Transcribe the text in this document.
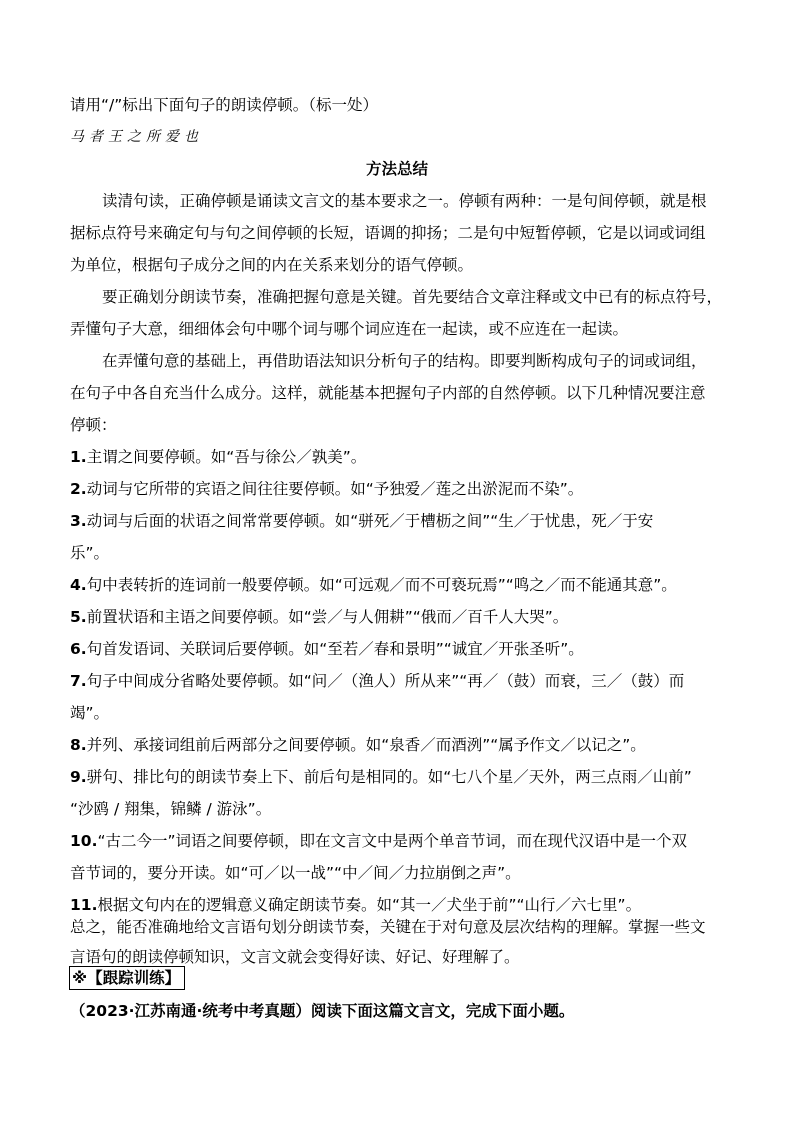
请用“/”标出下面句子的朗读停顿。（标一处）
马者王之所爱也
方法总结
读清句读，正确停顿是诵读文言文的基本要求之一。停顿有两种：一是句间停顿，就是根
据标点符号来确定句与句之间停顿的长短，语调的抑扬；二是句中短暂停顿，它是以词或词组
为单位，根据句子成分之间的内在关系来划分的语气停顿。
要正确划分朗读节奏，准确把握句意是关键。首先要结合文章注释或文中已有的标点符号，
弄懂句子大意，细细体会句中哪个词与哪个词应连在一起读，或不应连在一起读。
在弄懂句意的基础上，再借助语法知识分析句子的结构。即要判断构成句子的词或词组，
在句子中各自充当什么成分。这样，就能基本把握句子内部的自然停顿。以下几种情况要注意
停顿：
1.主谓之间要停顿。如“吾与徐公／孰美”。
2.动词与它所带的宾语之间往往要停顿。如“予独爱／莲之出淤泥而不染”。
3.动词与后面的状语之间常常要停顿。如“骈死／于槽枥之间”“生／于忧患，死／于安
乐”。
4.句中表转折的连词前一般要停顿。如“可远观／而不可亵玩焉”“鸣之／而不能通其意”。
5.前置状语和主语之间要停顿。如“尝／与人佣耕”“俄而／百千人大哭”。
6.句首发语词、关联词后要停顿。如“至若／春和景明”“诚宜／开张圣听”。
7.句子中间成分省略处要停顿。如“问／（渔人）所从来”“再／（鼓）而衰，三／（鼓）而
竭”。
8.并列、承接词组前后两部分之间要停顿。如“泉香／而酒洌”“属予作文／以记之”。
9.骈句、排比句的朗读节奏上下、前后句是相同的。如“七八个星／天外，两三点雨／山前”
“沙鸥 / 翔集，锦鳞 / 游泳”。
10.“古二今一”词语之间要停顿，即在文言文中是两个单音节词，而在现代汉语中是一个双
音节词的，要分开读。如“可／以一战”“中／间／力拉崩倒之声”。
11.根据文句内在的逻辑意义确定朗读节奏。如“其一／犬坐于前”“山行／六七里”。
总之，能否准确地给文言语句划分朗读节奏，关键在于对句意及层次结构的理解。掌握一些文
※【跟踪训练】
（2023·江苏南通·统考中考真题）阅读下面这篇文言文，完成下面小题。
言语句的朗读停顿知识，文言文就会变得好读、好记、好理解了。
